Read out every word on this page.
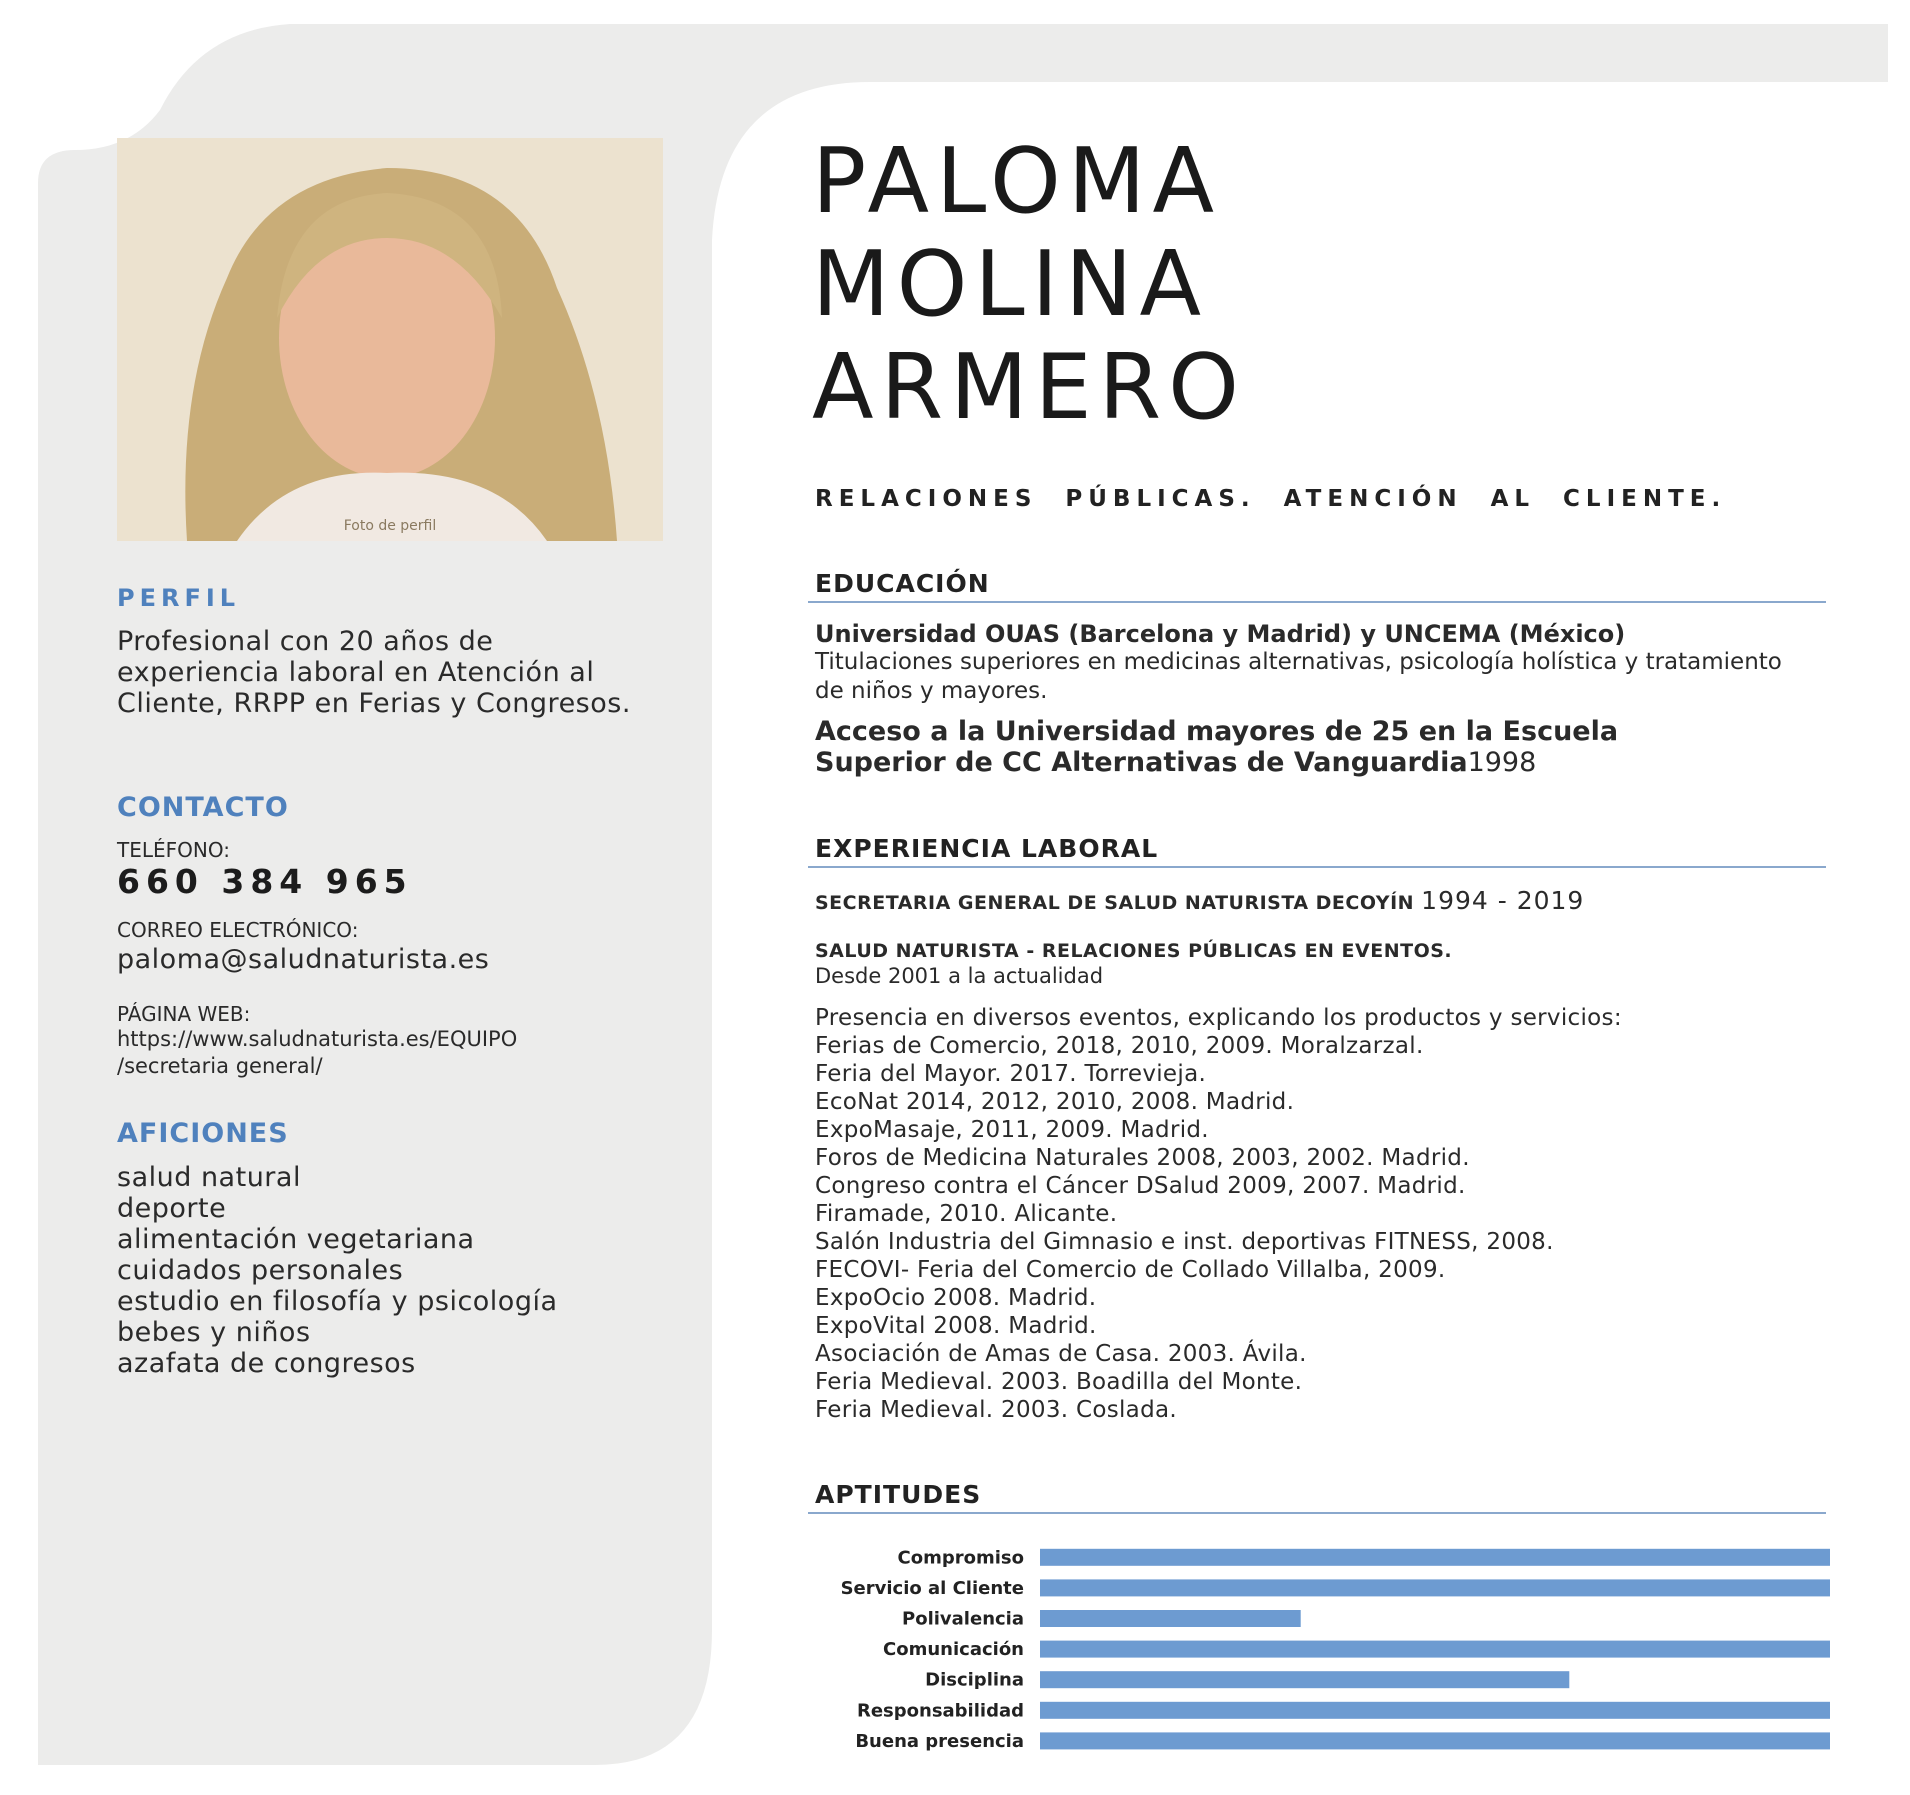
Foto de perfil
PERFIL
Profesional con 20 años de experiencia laboral en Atención al Cliente, RRPP en Ferias y Congresos.
CONTACTO
TELÉFONO:
660 384 965
CORREO ELECTRÓNICO:
paloma@saludnaturista.es
PÁGINA WEB:
https://www.saludnaturista.es/EQUIPO
/secretaria general/
AFICIONES
salud natural
deporte
alimentación vegetariana
cuidados personales
estudio en filosofía y psicología
bebes y niños
azafata de congresos
PALOMA
MOLINA
ARMERO
RELACIONES PÚBLICAS. ATENCIÓN AL CLIENTE.
EDUCACIÓN
Universidad OUAS (Barcelona y Madrid) y UNCEMA (México)
Titulaciones superiores en medicinas alternativas, psicología holística y tratamiento de niños y mayores.
Acceso a la Universidad mayores de 25 en la Escuela
Superior de CC Alternativas de Vanguardia1998
EXPERIENCIA LABORAL
SECRETARIA GENERAL DE SALUD NATURISTA DECOYÍN 1994 - 2019
SALUD NATURISTA - RELACIONES PÚBLICAS EN EVENTOS.
Desde 2001 a la actualidad
Presencia en diversos eventos, explicando los productos y servicios:
Ferias de Comercio, 2018, 2010, 2009. Moralzarzal.
Feria del Mayor. 2017. Torrevieja.
EcoNat 2014, 2012, 2010, 2008. Madrid.
ExpoMasaje, 2011, 2009. Madrid.
Foros de Medicina Naturales 2008, 2003, 2002. Madrid.
Congreso contra el Cáncer DSalud 2009, 2007. Madrid.
Firamade, 2010. Alicante.
Salón Industria del Gimnasio e inst. deportivas FITNESS, 2008.
FECOVI- Feria del Comercio de Collado Villalba, 2009.
ExpoOcio 2008. Madrid.
ExpoVital 2008. Madrid.
Asociación de Amas de Casa. 2003. Ávila.
Feria Medieval. 2003. Boadilla del Monte.
Feria Medieval. 2003. Coslada.
APTITUDES
Compromiso
Servicio al Cliente
Polivalencia
Comunicación
Disciplina
Responsabilidad
Buena presencia
